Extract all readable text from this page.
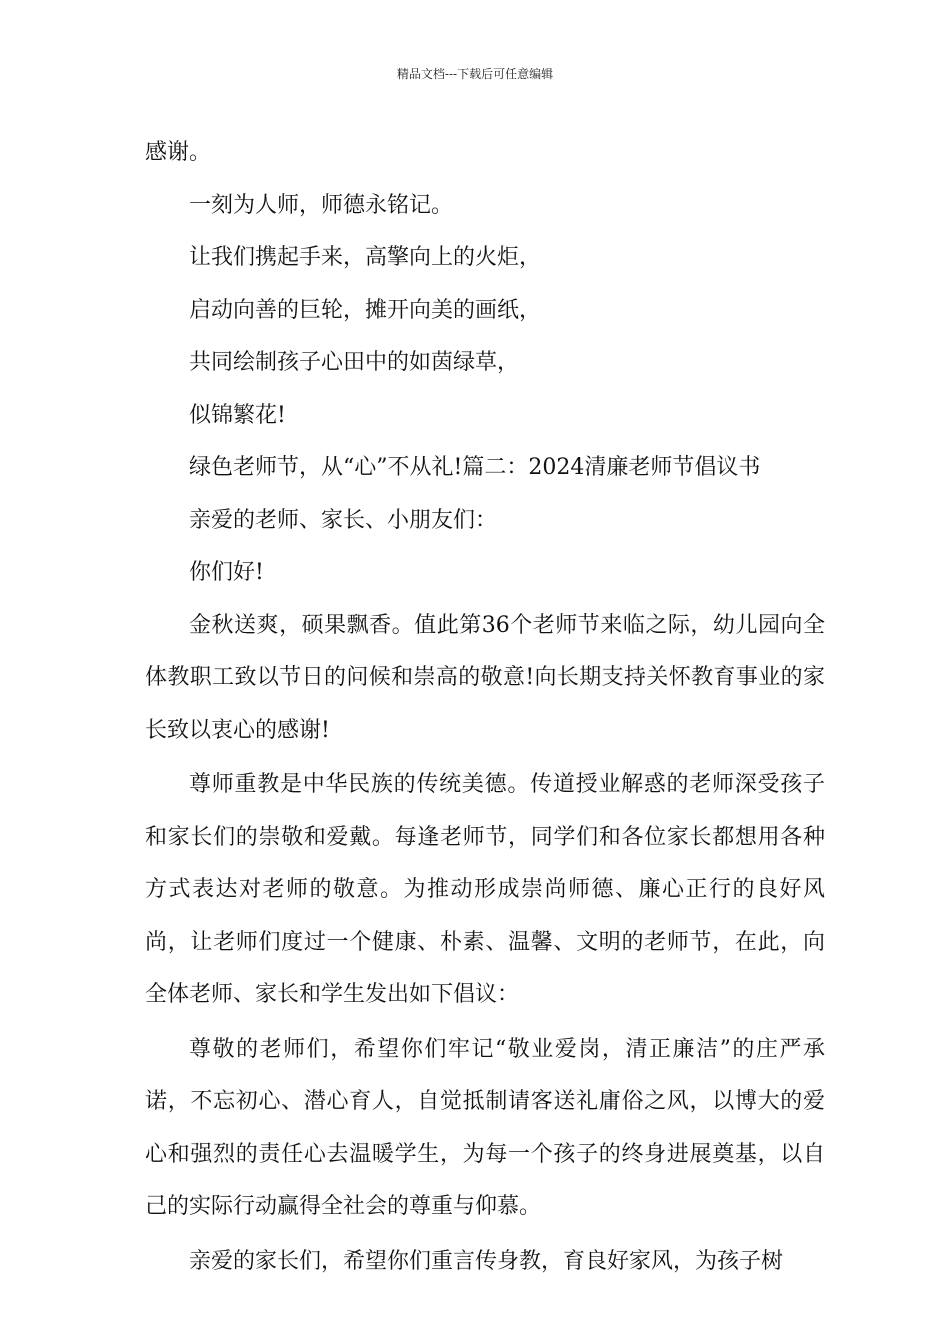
精品文档---下载后可任意编辑

感谢。

一刻为人师，师德永铭记。

让我们携起手来，高擎向上的火炬，

启动向善的巨轮，摊开向美的画纸，

共同绘制孩子心田中的如茵绿草，

似锦繁花!

绿色老师节，从“心”不从礼!篇二：2024清廉老师节倡议书

亲爱的老师、家长、小朋友们：

你们好!

金秋送爽，硕果飘香。值此第36个老师节来临之际，幼儿园向全体教职工致以节日的问候和崇高的敬意!向长期支持关怀教育事业的家长致以衷心的感谢!

尊师重教是中华民族的传统美德。传道授业解惑的老师深受孩子和家长们的崇敬和爱戴。每逢老师节，同学们和各位家长都想用各种方式表达对老师的敬意。为推动形成崇尚师德、廉心正行的良好风尚，让老师们度过一个健康、朴素、温馨、文明的老师节，在此，向全体老师、家长和学生发出如下倡议：

尊敬的老师们，希望你们牢记“敬业爱岗，清正廉洁”的庄严承诺，不忘初心、潜心育人，自觉抵制请客送礼庸俗之风，以博大的爱心和强烈的责任心去温暖学生，为每一个孩子的终身进展奠基，以自己的实际行动赢得全社会的尊重与仰慕。

亲爱的家长们，希望你们重言传身教，育良好家风，为孩子树
